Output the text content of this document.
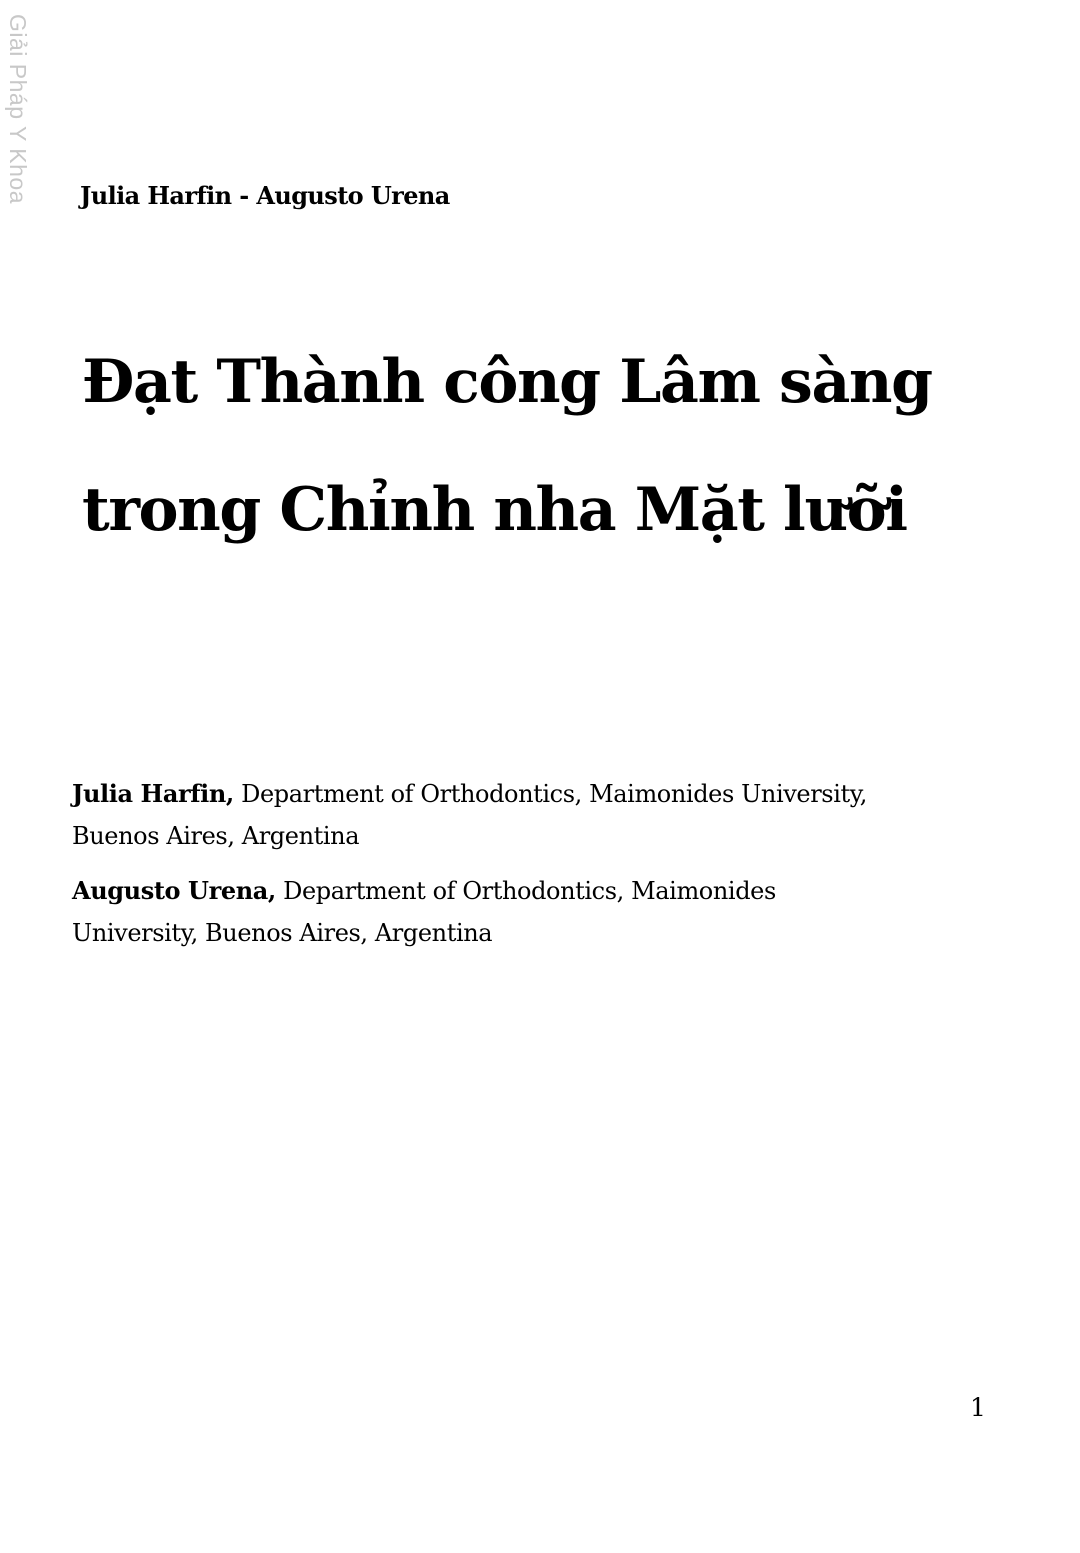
Giải Pháp Y Khoa Julia Harfin - Augusto Urena
Đạt Thành công Lâm sàng
trong Chỉnh nha Mặt lưỡi

Julia Harfin, Department of Orthodontics, Maimonides University, Buenos Aires, Argentina

Augusto Urena, Department of Orthodontics, Maimonides University, Buenos Aires, Argentina

1
